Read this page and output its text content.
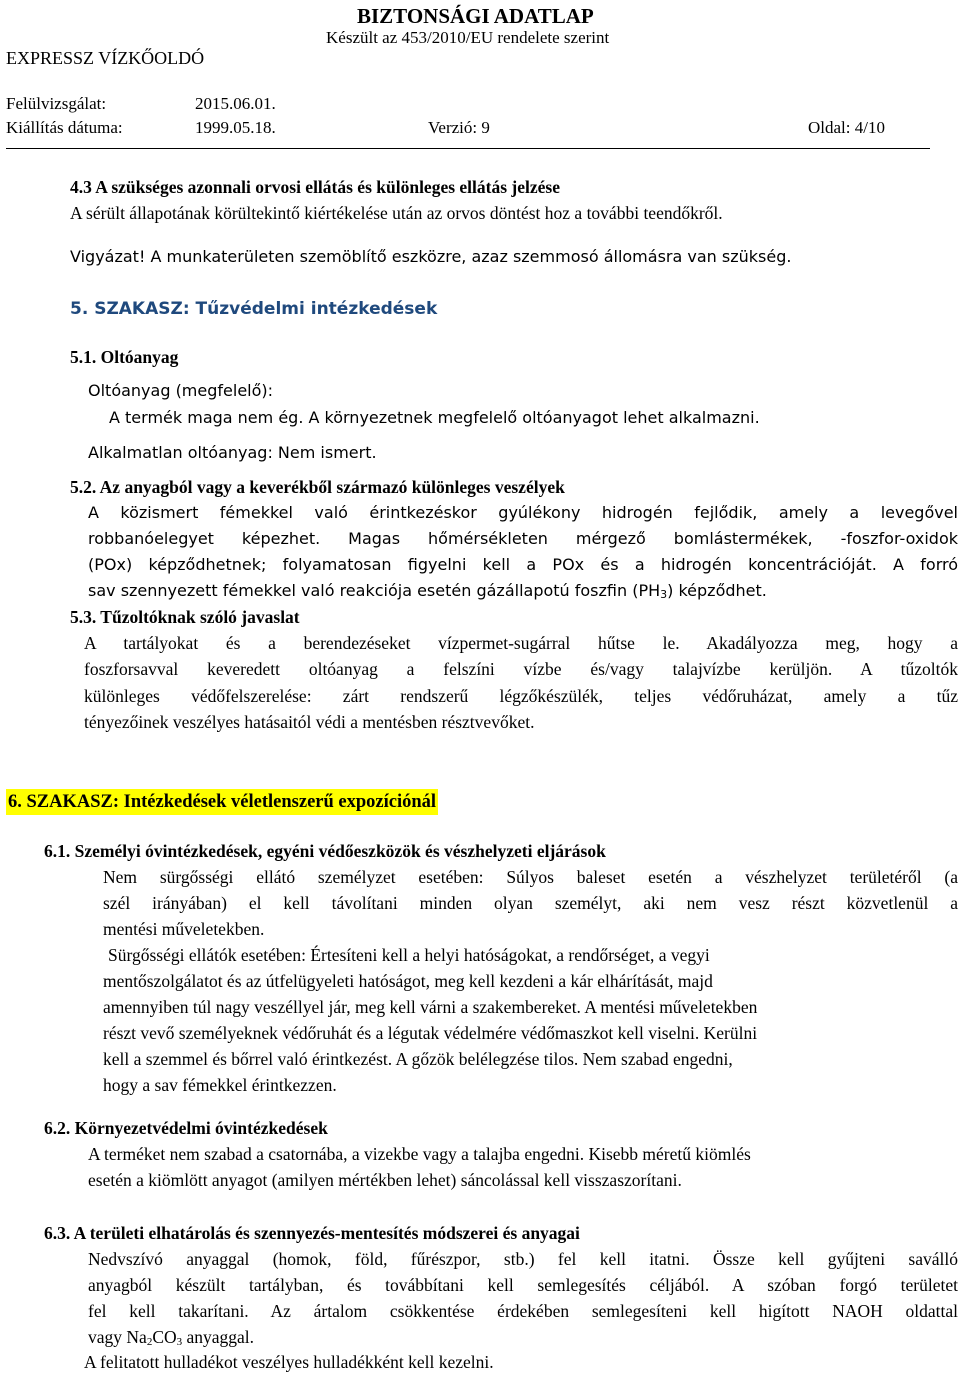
BIZTONSÁGI ADATLAP
Készült az 453/2010/EU rendelete szerint
EXPRESSZ VÍZKŐOLDÓ
Felülvizsgálat:	2015.06.01.
Kiállítás dátuma:	1999.05.18.	Verzió: 9	Oldal: 4/10
4.3 A szükséges azonnali orvosi ellátás és különleges ellátás jelzése
A sérült állapotának körültekintő kiértékelése után az orvos döntést hoz a további teendőkről.
Vigyázat! A munkaterületen szemöblítő eszközre, azaz szemmosó állomásra van szükség.
5. SZAKASZ: Tűzvédelmi intézkedések
5.1. Oltóanyag
Oltóanyag (megfelelő):
A termék maga nem ég. A környezetnek megfelelő oltóanyagot lehet alkalmazni.
Alkalmatlan oltóanyag: Nem ismert.
5.2. Az anyagból vagy a keverékből származó különleges veszélyek
A közismert fémekkel való érintkezéskor gyúlékony hidrogén fejlődik, amely a levegővel
robbanóelegyet képezhet. Magas hőmérsékleten mérgező bomlástermékek, -foszfor-oxidok
(POx) képződhetnek; folyamatosan figyelni kell a POx és a hidrogén koncentrációját. A forró
sav szennyezett fémekkel való reakciója esetén gázállapotú foszfin $(PH_3)$ képződhet.
5.3. Tűzoltóknak szóló javaslat
A tartályokat és a berendezéseket vízpermet-sugárral hűtse le. Akadályozza meg, hogy a
foszforsavval keveredett oltóanyag a felszíni vízbe és/vagy talajvízbe kerüljön. A tűzoltók
különleges védőfelszerelése: zárt rendszerű légzőkészülék, teljes védőruházat, amely a tűz
tényezőinek veszélyes hatásaitól védi a mentésben résztvevőket.
6. SZAKASZ: Intézkedések véletlenszerű expozíciónál
6.1. Személyi óvintézkedések, egyéni védőeszközök és vészhelyzeti eljárások
Nem sürgősségi ellátó személyzet esetében: Súlyos baleset esetén a vészhelyzet területéről (a
szél irányában) el kell távolítani minden olyan személyt, aki nem vesz részt közvetlenül a
mentési műveletekben.
Sürgősségi ellátók esetében: Értesíteni kell a helyi hatóságokat, a rendőrséget, a vegyi
mentőszolgálatot és az útfelügyeleti hatóságot, meg kell kezdeni a kár elhárítását, majd
amennyiben túl nagy veszéllyel jár, meg kell várni a szakembereket. A mentési műveletekben
részt vevő személyeknek védőruhát és a légutak védelmére védőmaszkot kell viselni. Kerülni
kell a szemmel és bőrrel való érintkezést. A gőzök belélegzése tilos. Nem szabad engedni,
hogy a sav fémekkel érintkezzen.
6.2. Környezetvédelmi óvintézkedések
A terméket nem szabad a csatornába, a vizekbe vagy a talajba engedni. Kisebb méretű kiömlés
esetén a kiömlött anyagot (amilyen mértékben lehet) sáncolással kell visszaszorítani.
6.3. A területi elhatárolás és szennyezés-mentesítés módszerei és anyagai
Nedvszívó anyaggal (homok, föld, fűrészpor, stb.) fel kell itatni. Össze kell gyűjteni saválló
anyagból készült tartályban, és továbbítani kell semlegesítés céljából. A szóban forgó területet
fel kell takarítani. Az ártalom csökkentése érdekében semlegesíteni kell higított NAOH oldattal
vagy $Na_2CO_3$ anyaggal.
A felitatott hulladékot veszélyes hulladékként kell kezelni.
